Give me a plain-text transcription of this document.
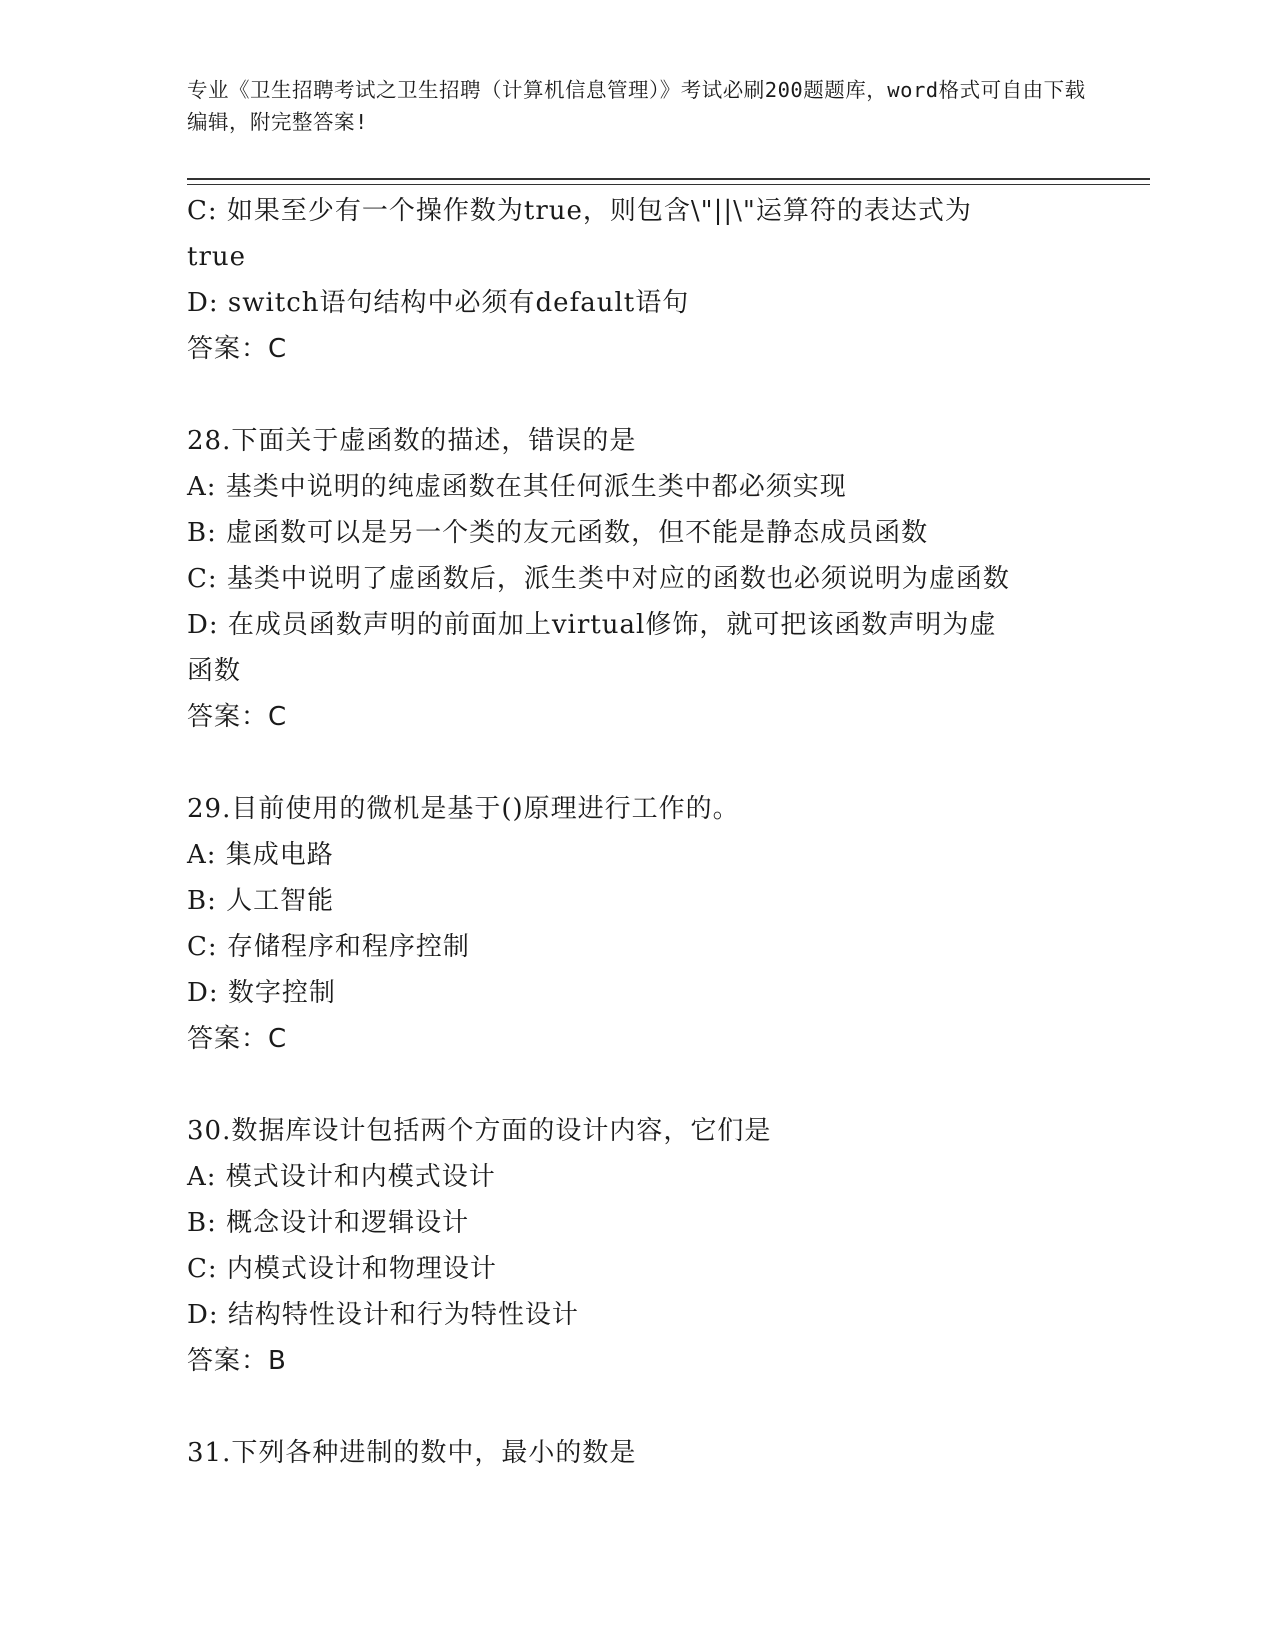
专业《卫生招聘考试之卫生招聘（计算机信息管理）》考试必刷200题题库，word格式可自由下载编辑，附完整答案!
C: 如果至少有一个操作数为true，则包含\"||\"运算符的表达式为
true
D: switch语句结构中必须有default语句
答案：C
28.下面关于虚函数的描述，错误的是
A: 基类中说明的纯虚函数在其任何派生类中都必须实现
B: 虚函数可以是另一个类的友元函数，但不能是静态成员函数
C: 基类中说明了虚函数后，派生类中对应的函数也必须说明为虚函数
D: 在成员函数声明的前面加上virtual修饰，就可把该函数声明为虚
函数
答案：C
29.目前使用的微机是基于()原理进行工作的。
A: 集成电路
B: 人工智能
C: 存储程序和程序控制
D: 数字控制
答案：C
30.数据库设计包括两个方面的设计内容，它们是
A: 模式设计和内模式设计
B: 概念设计和逻辑设计
C: 内模式设计和物理设计
D: 结构特性设计和行为特性设计
答案：B
31.下列各种进制的数中，最小的数是
